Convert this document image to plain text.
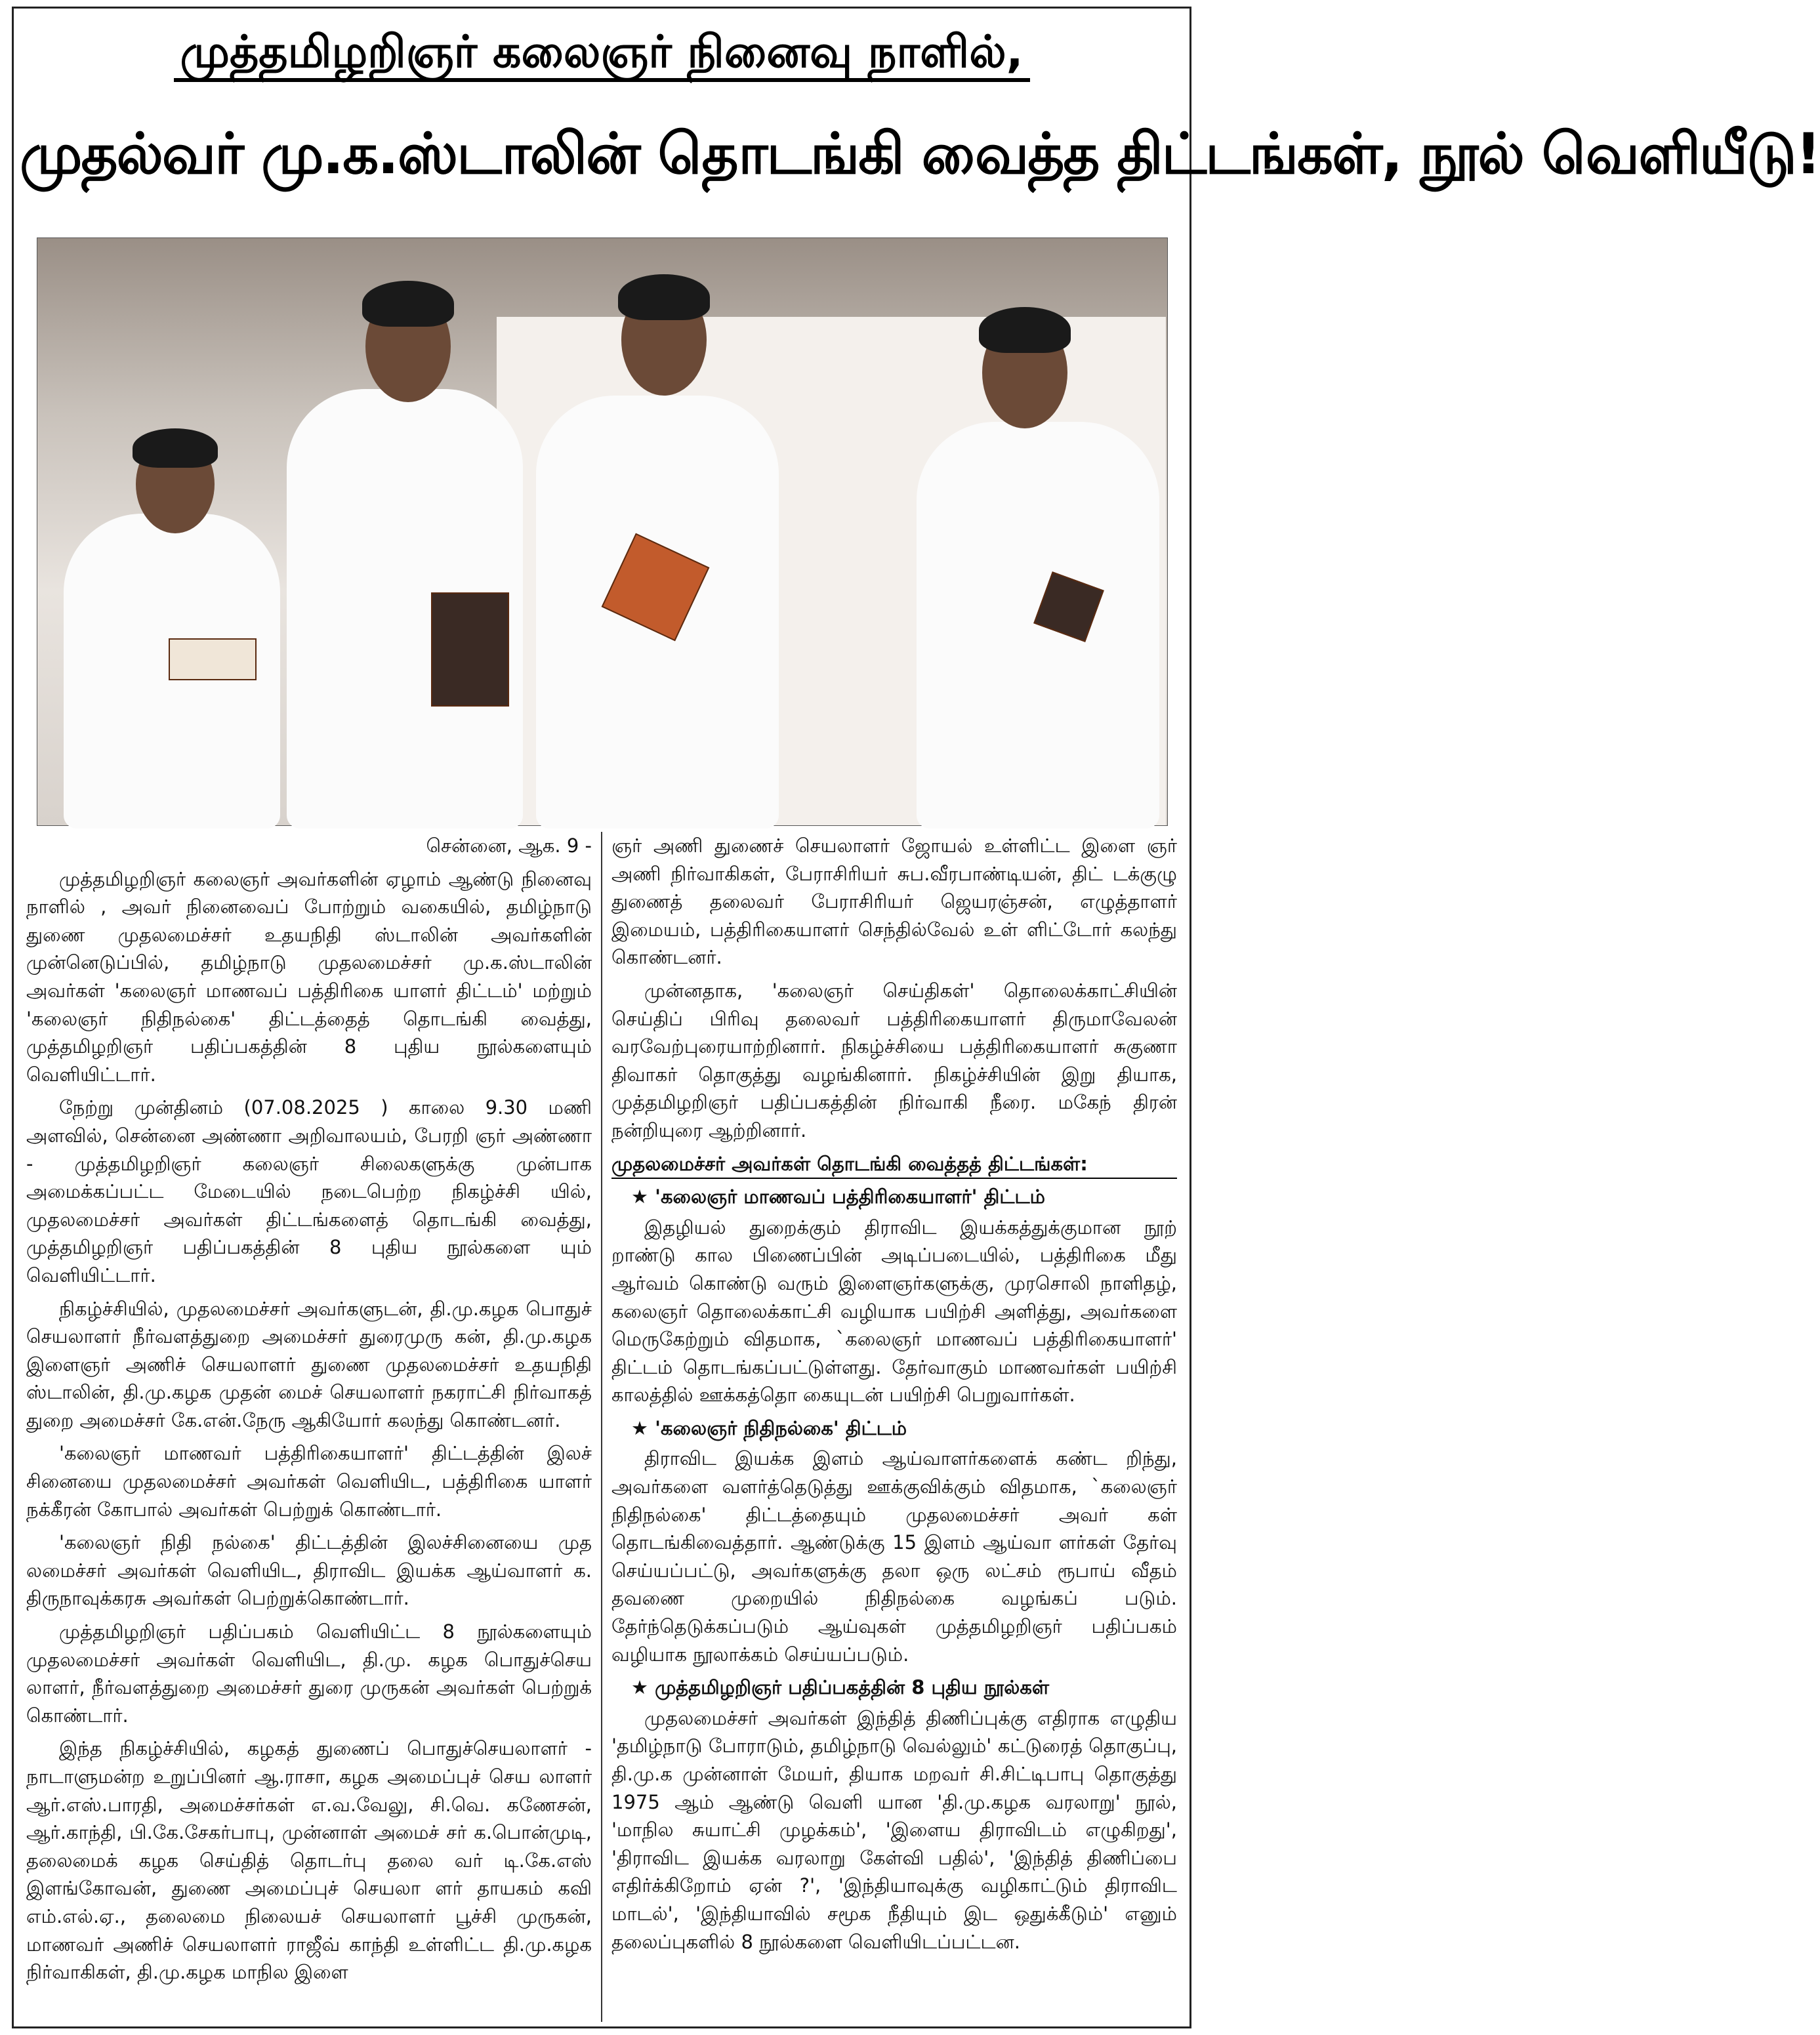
முத்தமிழறிஞர் கலைஞர் நினைவு நாளில்,
முதல்வர் மு.க.ஸ்டாலின் தொடங்கி வைத்த திட்டங்கள், நூல் வெளியீடு!

சென்னை, ஆக. 9 -

முத்தமிழறிஞர் கலைஞர் அவர்களின் ஏழாம் ஆண்டு நினைவு நாளில் , அவர் நினைவைப் போற்றும் வகையில், தமிழ்நாடு துணை முதலமைச்சர் உதயநிதி ஸ்டாலின் அவர்களின் முன்னெடுப்பில், தமிழ்நாடு முதலமைச்சர் மு.க.ஸ்டாலின் அவர்கள் 'கலைஞர் மாணவப் பத்திரிகை யாளர் திட்டம்' மற்றும் 'கலைஞர் நிதிநல்கை' திட்டத்தைத் தொடங்கி வைத்து, முத்தமிழறிஞர் பதிப்பகத்தின் 8 புதிய நூல்களையும் வெளியிட்டார்.

நேற்று முன்தினம் (07.08.2025 ) காலை 9.30 மணி அளவில், சென்னை அண்ணா அறிவாலயம், பேரறி ஞர் அண்ணா - முத்தமிழறிஞர் கலைஞர் சிலைகளுக்கு முன்பாக அமைக்கப்பட்ட மேடையில் நடைபெற்ற நிகழ்ச்சி யில், முதலமைச்சர் அவர்கள் திட்டங்களைத் தொடங்கி வைத்து, முத்தமிழறிஞர் பதிப்பகத்தின் 8 புதிய நூல்களை யும் வெளியிட்டார்.

நிகழ்ச்சியில், முதலமைச்சர் அவர்களுடன், தி.மு.கழக பொதுச் செயலாளர் நீர்வளத்துறை அமைச்சர் துரைமுரு கன், தி.மு.கழக இளைஞர் அணிச் செயலாளர் துணை முதலமைச்சர் உதயநிதி ஸ்டாலின், தி.மு.கழக முதன் மைச் செயலாளர் நகராட்சி நிர்வாகத் துறை அமைச்சர் கே.என்.நேரு ஆகியோர் கலந்து கொண்டனர்.

'கலைஞர் மாணவர் பத்திரிகையாளர்' திட்டத்தின் இலச் சினையை முதலமைச்சர் அவர்கள் வெளியிட, பத்திரிகை யாளர் நக்கீரன் கோபால் அவர்கள் பெற்றுக் கொண்டார்.

'கலைஞர் நிதி நல்கை' திட்டத்தின் இலச்சினையை முத லமைச்சர் அவர்கள் வெளியிட, திராவிட இயக்க ஆய்வாளர் க. திருநாவுக்கரசு அவர்கள் பெற்றுக்கொண்டார்.

முத்தமிழறிஞர் பதிப்பகம் வெளியிட்ட 8 நூல்களையும் முதலமைச்சர் அவர்கள் வெளியிட, தி.மு. கழக பொதுச்செய லாளர், நீர்வளத்துறை அமைச்சர் துரை முருகன் அவர்கள் பெற்றுக் கொண்டார்.

இந்த நிகழ்ச்சியில், கழகத் துணைப் பொதுச்செயலாளர் - நாடாளுமன்ற உறுப்பினர் ஆ.ராசா, கழக அமைப்புச் செய லாளர் ஆர்.எஸ்.பாரதி, அமைச்சர்கள் எ.வ.வேலு, சி.வெ. கணேசன், ஆர்.காந்தி, பி.கே.சேகர்பாபு, முன்னாள் அமைச் சர் க.பொன்முடி, தலைமைக் கழக செய்தித் தொடர்பு தலை வர் டி.கே.எஸ் இளங்கோவன், துணை அமைப்புச் செயலா ளர் தாயகம் கவி எம்.எல்.ஏ., தலைமை நிலையச் செயலாளர் பூச்சி முருகன், மாணவர் அணிச் செயலாளர் ராஜீவ் காந்தி உள்ளிட்ட தி.மு.கழக நிர்வாகிகள், தி.மு.கழக மாநில இளை

ஞர் அணி துணைச் செயலாளர் ஜோயல் உள்ளிட்ட இளை ஞர் அணி நிர்வாகிகள், பேராசிரியர் சுப.வீரபாண்டியன், திட் டக்குழு துணைத் தலைவர் பேராசிரியர் ஜெயரஞ்சன், எழுத்தாளர் இமையம், பத்திரிகையாளர் செந்தில்வேல் உள் ளிட்டோர் கலந்து கொண்டனர்.

முன்னதாக, 'கலைஞர் செய்திகள்' தொலைக்காட்சியின் செய்திப் பிரிவு தலைவர் பத்திரிகையாளர் திருமாவேலன் வரவேற்புரையாற்றினார். நிகழ்ச்சியை பத்திரிகையாளர் சுகுணா திவாகர் தொகுத்து வழங்கினார். நிகழ்ச்சியின் இறு தியாக, முத்தமிழறிஞர் பதிப்பகத்தின் நிர்வாகி நீரை. மகேந் திரன் நன்றியுரை ஆற்றினார்.

முதலமைச்சர் அவர்கள் தொடங்கி வைத்தத் திட்டங்கள்:
★ 'கலைஞர் மாணவப் பத்திரிகையாளர்' திட்டம்

இதழியல் துறைக்கும் திராவிட இயக்கத்துக்குமான நூற் றாண்டு கால பிணைப்பின் அடிப்படையில், பத்திரிகை மீது ஆர்வம் கொண்டு வரும் இளைஞர்களுக்கு, முரசொலி நாளிதழ், கலைஞர் தொலைக்காட்சி வழியாக பயிற்சி அளித்து, அவர்களை மெருகேற்றும் விதமாக, `கலைஞர் மாணவப் பத்திரிகையாளர்' திட்டம் தொடங்கப்பட்டுள்ளது. தேர்வாகும் மாணவர்கள் பயிற்சி காலத்தில் ஊக்கத்தொ கையுடன் பயிற்சி பெறுவார்கள்.

★ 'கலைஞர் நிதிநல்கை' திட்டம்

திராவிட இயக்க இளம் ஆய்வாளர்களைக் கண்ட றிந்து, அவர்களை வளர்த்தெடுத்து ஊக்குவிக்கும் விதமாக, `கலைஞர் நிதிநல்கை' திட்டத்தையும் முதலமைச்சர் அவர் கள் தொடங்கிவைத்தார். ஆண்டுக்கு 15 இளம் ஆய்வா ளர்கள் தேர்வு செய்யப்பட்டு, அவர்களுக்கு தலா ஒரு லட்சம் ரூபாய் வீதம் தவணை முறையில் நிதிநல்கை வழங்கப் படும். தேர்ந்தெடுக்கப்படும் ஆய்வுகள் முத்தமிழறிஞர் பதிப்பகம் வழியாக நூலாக்கம் செய்யப்படும்.

★ முத்தமிழறிஞர் பதிப்பகத்தின் 8 புதிய நூல்கள்

முதலமைச்சர் அவர்கள் இந்தித் திணிப்புக்கு எதிராக எழுதிய 'தமிழ்நாடு போராடும், தமிழ்நாடு வெல்லும்' கட்டுரைத் தொகுப்பு, தி.மு.க முன்னாள் மேயர், தியாக மறவர் சி.சிட்டிபாபு தொகுத்து 1975 ஆம் ஆண்டு வெளி யான 'தி.மு.கழக வரலாறு' நூல், 'மாநில சுயாட்சி முழக்கம்', 'இளைய திராவிடம் எழுகிறது', 'திராவிட இயக்க வரலாறு கேள்வி பதில்', 'இந்தித் திணிப்பை எதிர்க்கிறோம் ஏன் ?', 'இந்தியாவுக்கு வழிகாட்டும் திராவிட மாடல்', 'இந்தியாவில் சமூக நீதியும் இட ஒதுக்கீடும்' எனும் தலைப்புகளில் 8 நூல்களை வெளியிடப்பட்டன.
